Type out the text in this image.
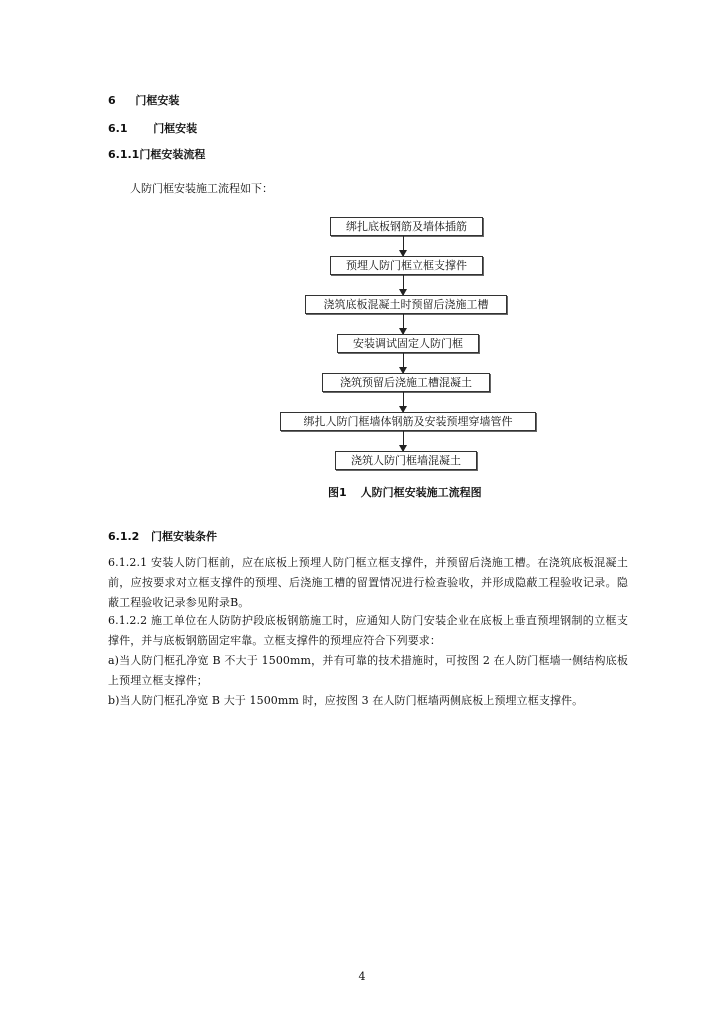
6 门框安装
6.1 门框安装
6.1.1门框安装流程
人防门框安装施工流程如下：
绑扎底板钢筋及墙体插筋
预埋人防门框立框支撑件
浇筑底板混凝土时预留后浇施工槽
安装调试固定人防门框
浇筑预留后浇施工槽混凝土
绑扎人防门框墙体钢筋及安装预埋穿墙管件
浇筑人防门框墙混凝土
图1 人防门框安装施工流程图
6.1.2 门框安装条件
6.1.2.1 安装人防门框前，应在底板上预埋人防门框立框支撑件，并预留后浇施工槽。在浇筑底板混凝土前，应按要求对立框支撑件的预埋、后浇施工槽的留置情况进行检查验收，并形成隐蔽工程验收记录。隐蔽工程验收记录参见附录B。
6.1.2.2 施工单位在人防防护段底板钢筋施工时，应通知人防门安装企业在底板上垂直预埋钢制的立框支撑件，并与底板钢筋固定牢靠。立框支撑件的预埋应符合下列要求：
a)当人防门框孔净宽 B 不大于 1500mm，并有可靠的技术措施时，可按图 2 在人防门框墙一侧结构底板上预埋立框支撑件；
b)当人防门框孔净宽 B 大于 1500mm 时，应按图 3 在人防门框墙两侧底板上预埋立框支撑件。
4
